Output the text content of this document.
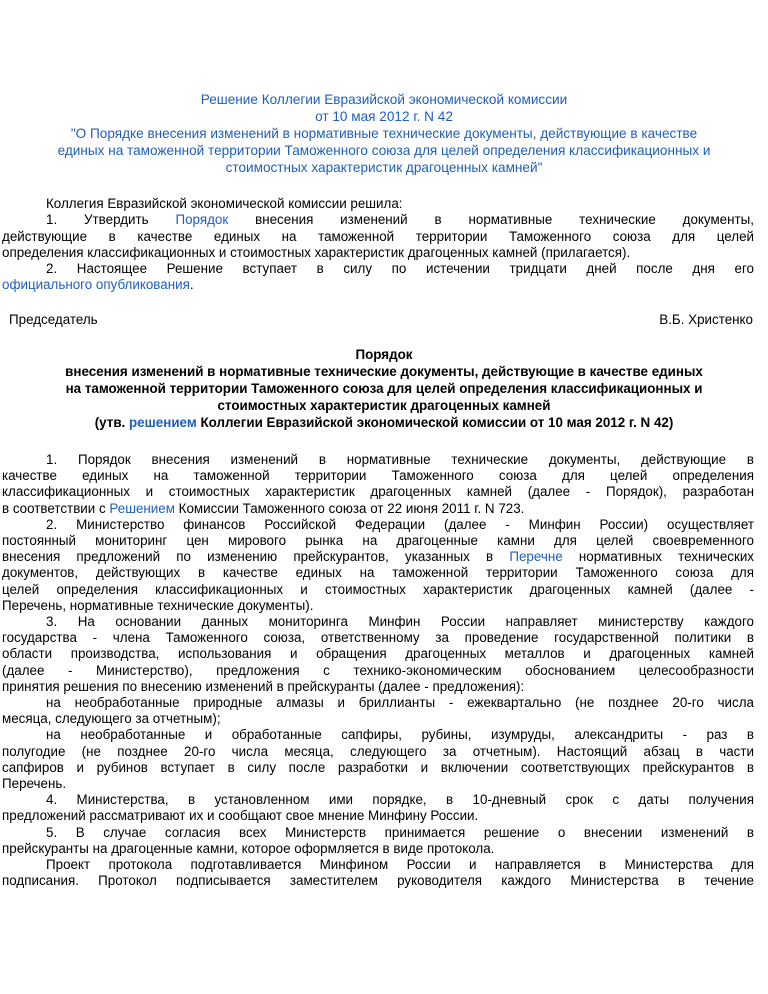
Решение Коллегии Евразийской экономической комиссии
от 10 мая 2012 г. N 42
"О Порядке внесения изменений в нормативные технические документы, действующие в качестве
единых на таможенной территории Таможенного союза для целей определения классификационных и
стоимостных характеристик драгоценных камней"
Коллегия Евразийской экономической комиссии решила:
1. Утвердить Порядок внесения изменений в нормативные технические документы,
действующие в качестве единых на таможенной территории Таможенного союза для целей
определения классификационных и стоимостных характеристик драгоценных камней (прилагается).
2. Настоящее Решение вступает в силу по истечении тридцати дней после дня его
официального опубликования.
Председатель	В.Б. Христенко
Порядок
внесения изменений в нормативные технические документы, действующие в качестве единых
на таможенной территории Таможенного союза для целей определения классификационных и
стоимостных характеристик драгоценных камней
(утв. решением Коллегии Евразийской экономической комиссии от 10 мая 2012 г. N 42)
1. Порядок внесения изменений в нормативные технические документы, действующие в
качестве единых на таможенной территории Таможенного союза для целей определения
классификационных и стоимостных характеристик драгоценных камней (далее - Порядок), разработан
в соответствии с Решением Комиссии Таможенного союза от 22 июня 2011 г. N 723.
2. Министерство финансов Российской Федерации (далее - Минфин России) осуществляет
постоянный мониторинг цен мирового рынка на драгоценные камни для целей своевременного
внесения предложений по изменению прейскурантов, указанных в Перечне нормативных технических
документов, действующих в качестве единых на таможенной территории Таможенного союза для
целей определения классификационных и стоимостных характеристик драгоценных камней (далее -
Перечень, нормативные технические документы).
3. На основании данных мониторинга Минфин России направляет министерству каждого
государства - члена Таможенного союза, ответственному за проведение государственной политики в
области производства, использования и обращения драгоценных металлов и драгоценных камней
(далее - Министерство), предложения с технико-экономическим обоснованием целесообразности
принятия решения по внесению изменений в прейскуранты (далее - предложения):
на необработанные природные алмазы и бриллианты - ежеквартально (не позднее 20-го числа
месяца, следующего за отчетным);
на необработанные и обработанные сапфиры, рубины, изумруды, александриты - раз в
полугодие (не позднее 20-го числа месяца, следующего за отчетным). Настоящий абзац в части
сапфиров и рубинов вступает в силу после разработки и включении соответствующих прейскурантов в
Перечень.
4. Министерства, в установленном ими порядке, в 10-дневный срок с даты получения
предложений рассматривают их и сообщают свое мнение Минфину России.
5. В случае согласия всех Министерств принимается решение о внесении изменений в
прейскуранты на драгоценные камни, которое оформляется в виде протокола.
Проект протокола подготавливается Минфином России и направляется в Министерства для
подписания. Протокол подписывается заместителем руководителя каждого Министерства в течение
